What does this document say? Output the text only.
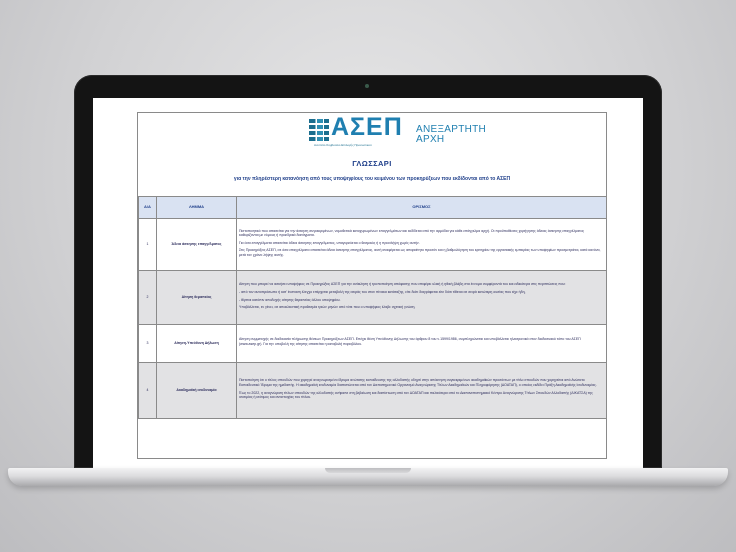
ΑΣΕΠ
Ανώτατο Συμβούλιο Επιλογής Προσωπικού
ΑΝΕΞΑΡΤΗΤΗ
ΑΡΧΗ
ΓΛΩΣΣΑΡΙ
για την πληρέστερη κατανόηση από τους υποψηφίους του κειμένου των προκηρύξεων που εκδίδονται από το ΑΣΕΠ
Α/Α	ΛΗΜΜΑ	ΟΡΙΣΜΟΣ
1	Άδεια άσκησης επαγγέλματος	Πιστοποιητικό που απαιτείται για την άσκηση συγκεκριμένων, νομοθετικά κατοχυρωμένων επαγγελμάτων και εκδίδεται από την αρμόδια για κάθε επάγγελμα αρχή. Οι προϋποθέσεις χορήγησης άδειας άσκησης επαγγέλματος καθορίζονται με νόμους ή προεδρικά διατάγματα.

Για όσα επαγγέλματα απαιτείται άδεια άσκησης επαγγέλματος, υπαγορεύεται ο θεσμικός ή η προσλήψη χωρίς αυτήν.

Στις Προκηρύξεις ΑΣΕΠ, σε όσα επαγγέλματα απαιτείται άδεια άσκησης επαγγέλματος, αυτή αναφέρεται ως απαραίτητο προσόν και η βαθμολόγηση του κριτηρίου της εργασιακής εμπειρίας των υποψηφίων προσμετράται, κατά κανόνα, μετά τον χρόνο λήψης αυτής.

2	Αίτηση θεραπείας	Αίτηση που μπορεί να ασκήσει υποψήφιος σε Προκηρύξεις ΑΣΕΠ για την ανάκληση ή τροποποίηση απόφασης που επιφέρει υλική ή ηθική βλάβη στα έννομα συμφέροντά του και ειδικότερα στις περιπτώσεις που:

- από τον αυτοπρόσωπο ή κατ' ένσταση έλεγχο επέρχεται μεταβολή της σειράς του στον πίνακα κατάταξης, είτε διότι διαγράφεται είτε διότι τίθεται σε σειρά κατώτερη ουσίας που είχε ήδη,

- θίγεται κατόπιν αποδοχής αίτησης θεραπείας άλλου υποψηφίου.

Υποβάλλεται, εν γένει, σε αποκλειστική προθεσμία τριών μηνών από τότε που ο υποψήφιος έλαβε σχετική γνώση.

3	Αίτηση-Υπεύθυνη Δήλωση	Αίτηση συμμετοχής σε διαδικασία πλήρωσης θέσεων Προκηρύξεων ΑΣΕΠ. Επέχει θέση Υπεύθυνης Δήλωσης του άρθρου 8 του ν.1599/1986, συμπληρώνεται και υποβάλλεται ηλεκτρονικά στον διαδικτυακό τόπο του ΑΣΕΠ (www.asep.gr). Για την υποβολή της αίτησης απαιτείται η καταβολή παραβόλου.

4	Ακαδημαϊκή ισοδυναμία	Πιστοποίηση ότι ο τίτλος σπουδών που χορηγεί αναγνωρισμένο ίδρυμα ανώτατης εκπαίδευσης της αλλοδαπής οδηγεί στην απόκτηση συγκεκριμένων ακαδημαϊκών προσόντων με τίτλο σπουδών που χορηγείται από Ανώτατο Εκπαιδευτικό Ίδρυμα της ημεδαπής. Η ακαδημαϊκή ισοδυναμία διαπιστώνεται από τον Διεπιστημονικό Οργανισμό Αναγνώρισης Τίτλων Ακαδημαϊκών και Πληροφόρησης (ΔΟΑΤΑΠ), ο οποίος εκδίδει Πράξη Ακαδημαϊκής Ισοδυναμίας.

Έως το 2022, η αναγνώριση τίτλων σπουδών της αλλοδαπής ανήκαπε στη βεβαίωση και διαπίστωση από τον ΔΟΑΤΑΠ και παλαιότερα από το Διαπανεπιστημιακό Κέντρο Αναγνώρισης Τίτλων Σπουδών Αλλοδαπής (ΔΙΚΑΤΣΑ) της ισοτιμίας ή ισότιμος και αντιστοιχίας του τίτλου.
